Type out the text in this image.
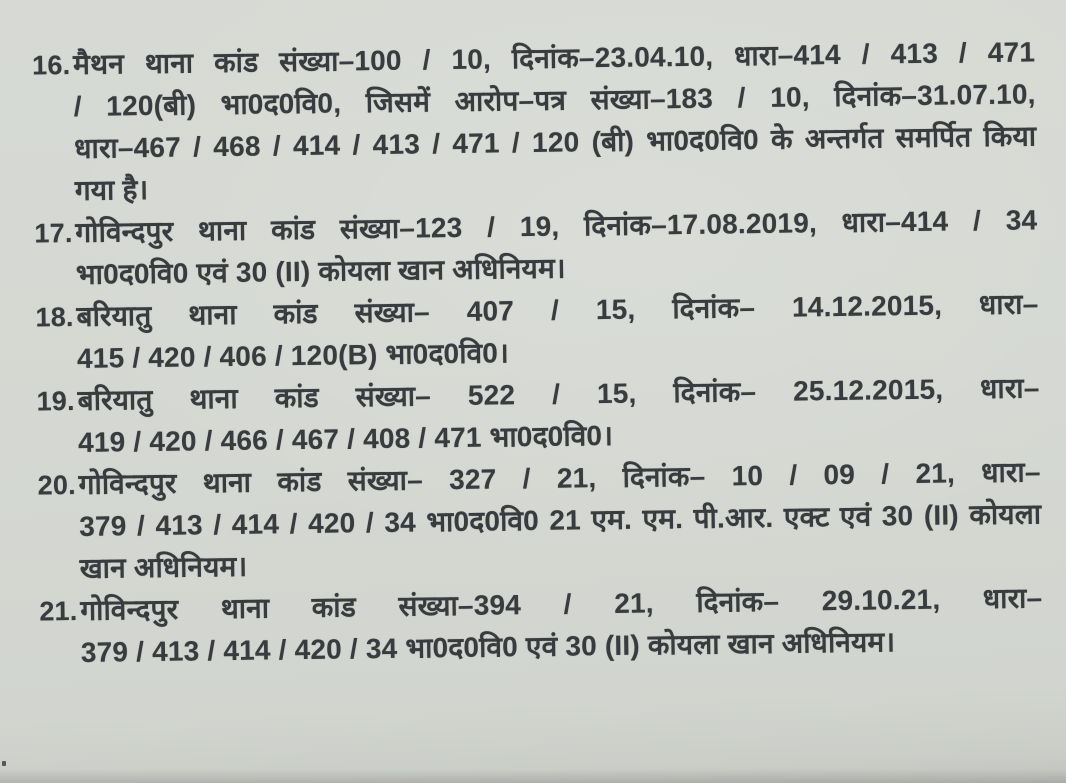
16. मैथन थाना कांड संख्या–100 / 10, दिनांक–23.04.10, धारा–414 / 413 / 471
/ 120(बी) भा0द0वि0, जिसमें आरोप–पत्र संख्या–183 / 10, दिनांक–31.07.10,
धारा–467 / 468 / 414 / 413 / 471 / 120 (बी) भा0द0वि0 के अन्तर्गत समर्पित किया
गया है।
17. गोविन्दपुर थाना कांड संख्या–123 / 19, दिनांक–17.08.2019, धारा–414 / 34
भा0द0वि0 एवं 30 (II) कोयला खान अधिनियम।
18. बरियातु थाना कांड संख्या– 407 / 15, दिनांक– 14.12.2015, धारा–
415 / 420 / 406 / 120(B) भा0द0वि0।
19. बरियातु थाना कांड संख्या– 522 / 15, दिनांक– 25.12.2015, धारा–
419 / 420 / 466 / 467 / 408 / 471 भा0द0वि0।
20. गोविन्दपुर थाना कांड संख्या– 327 / 21, दिनांक– 10 / 09 / 21, धारा–
379 / 413 / 414 / 420 / 34 भा0द0वि0 21 एम. एम. पी.आर. एक्ट एवं 30 (II) कोयला
खान अधिनियम।
21. गोविन्दपुर थाना कांड संख्या–394 / 21, दिनांक– 29.10.21, धारा–
379 / 413 / 414 / 420 / 34 भा0द0वि0 एवं 30 (II) कोयला खान अधिनियम।
